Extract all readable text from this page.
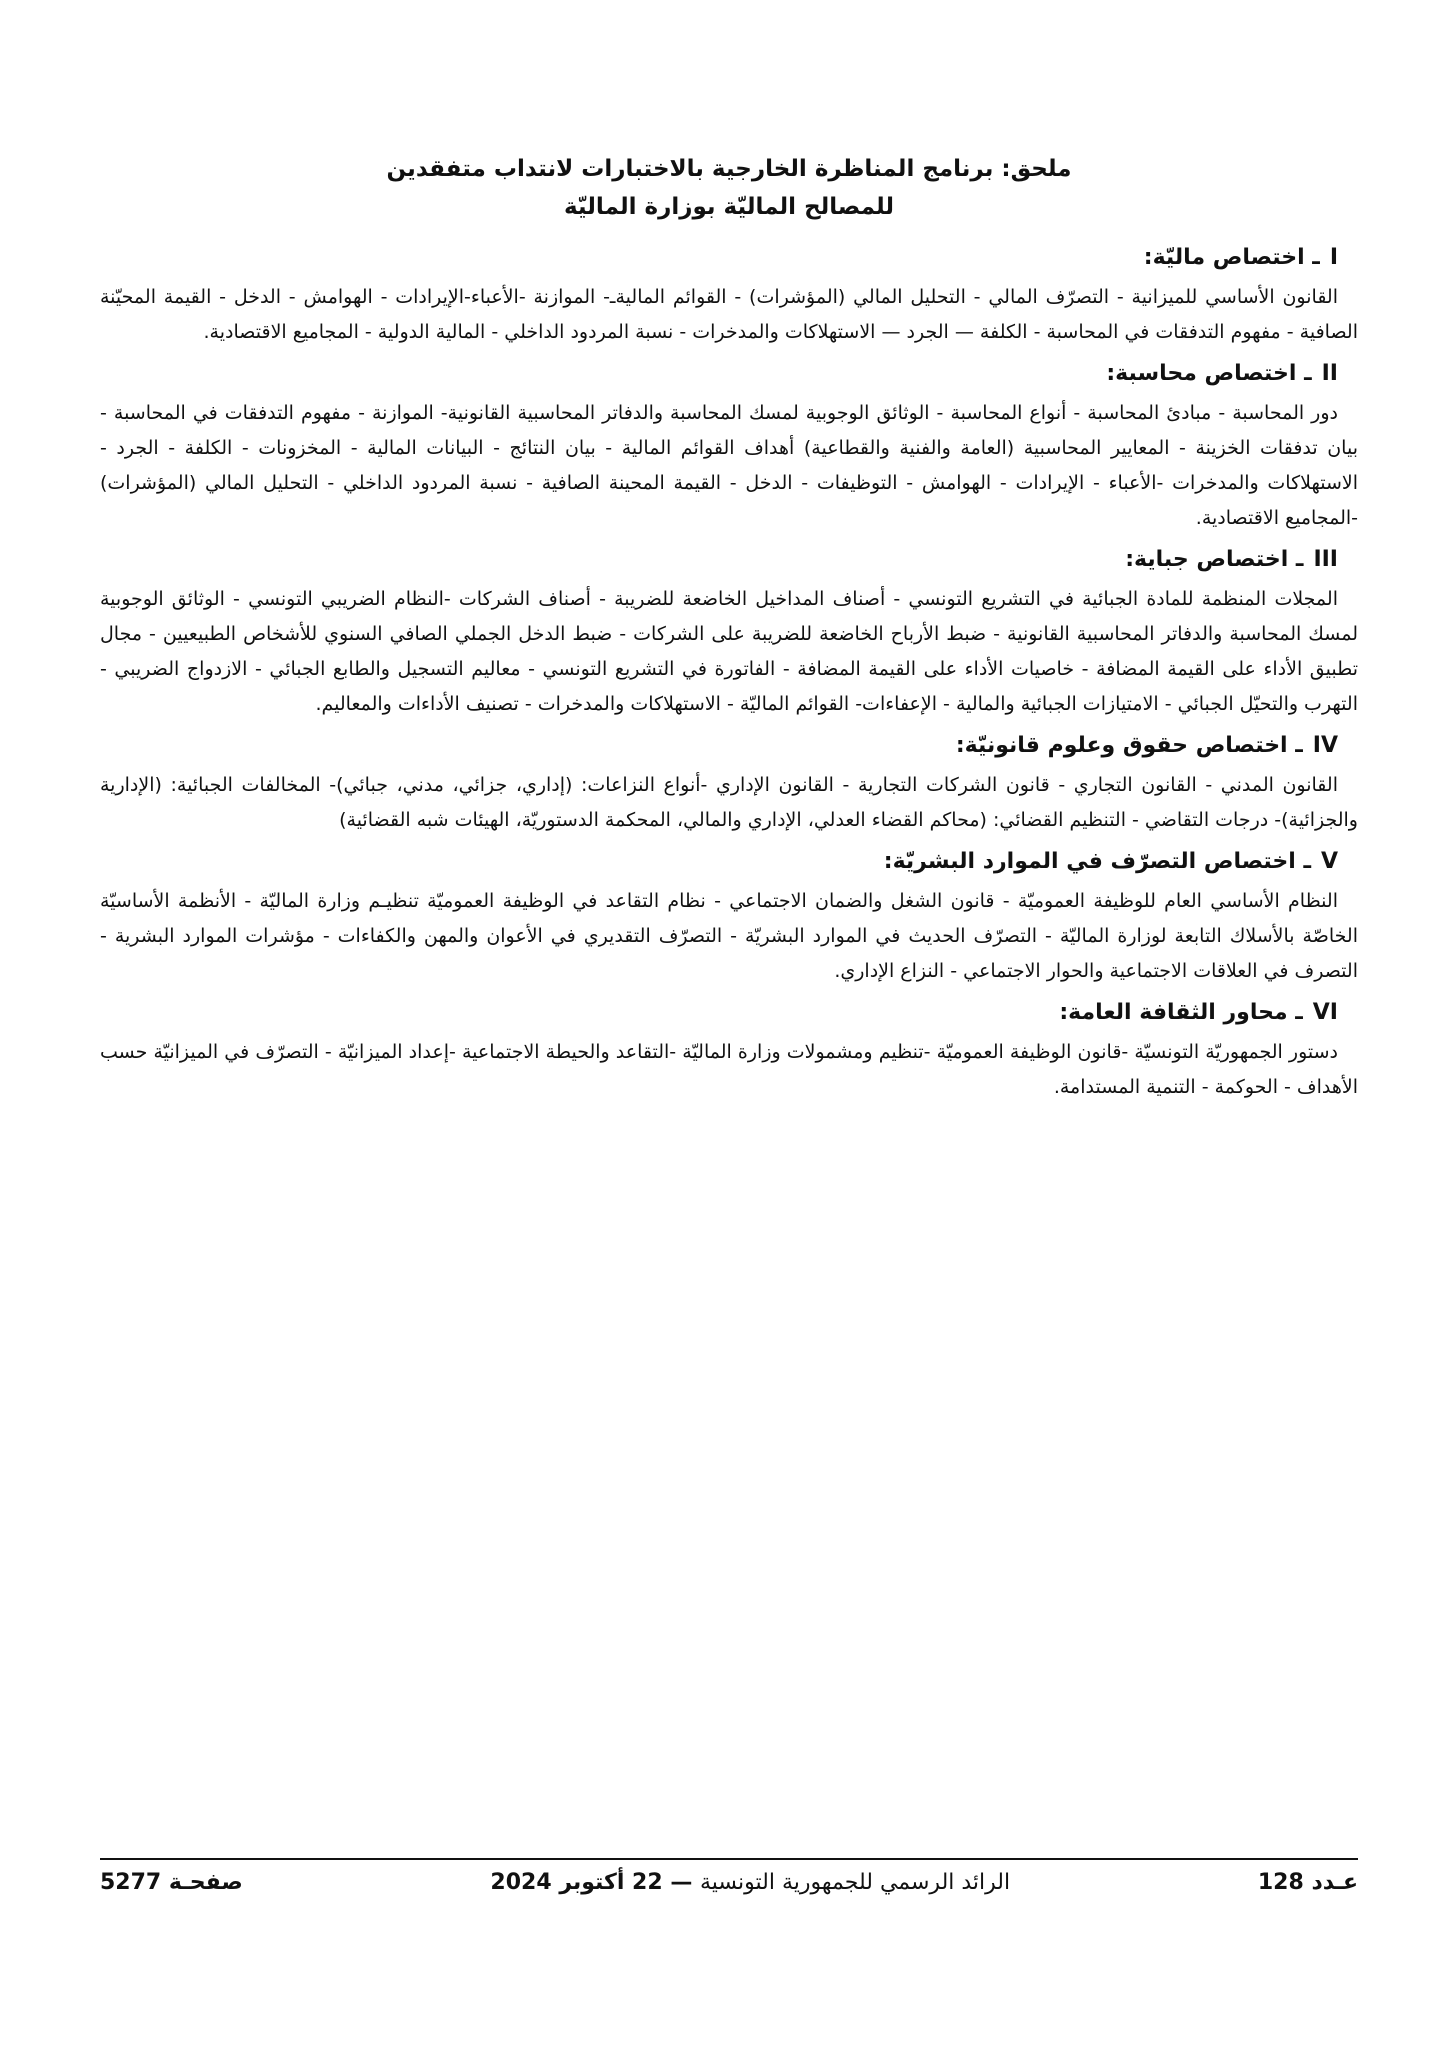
ملحق: برنامج المناظرة الخارجية بالاختبارات لانتداب متفقدين

للمصالح الماليّة بوزارة الماليّة

Iـ اختصاص ماليّة:

القانون الأساسي للميزانية - التصرّف المالي - التحليل المالي (المؤشرات) - القوائم الماليةـ- الموازنة -الأعباء-الإيرادات - الهوامش - الدخل - القيمة المحيّنة الصافية - مفهوم التدفقات في المحاسبة - الكلفة — الجرد — الاستهلاكات والمدخرات - نسبة المردود الداخلي - المالية الدولية - المجاميع الاقتصادية.

IIـ اختصاص محاسبة:

دور المحاسبة - مبادئ المحاسبة - أنواع المحاسبة - الوثائق الوجوبية لمسك المحاسبة والدفاتر المحاسبية القانونية- الموازنة - مفهوم التدفقات في المحاسبة - بيان تدفقات الخزينة - المعايير المحاسبية (العامة والفنية والقطاعية) أهداف القوائم المالية - بيان النتائج - البيانات المالية - المخزونات - الكلفة - الجرد - الاستهلاكات والمدخرات -الأعباء - الإيرادات - الهوامش - التوظيفات - الدخل - القيمة المحينة الصافية - نسبة المردود الداخلي - التحليل المالي (المؤشرات) -المجاميع الاقتصادية.

IIIـ اختصاص جباية:

المجلات المنظمة للمادة الجبائية في التشريع التونسي - أصناف المداخيل الخاضعة للضريبة - أصناف الشركات -النظام الضريبي التونسي - الوثائق الوجوبية لمسك المحاسبة والدفاتر المحاسبية القانونية - ضبط الأرباح الخاضعة للضريبة على الشركات - ضبط الدخل الجملي الصافي السنوي للأشخاص الطبيعيين - مجال تطبيق الأداء على القيمة المضافة - خاصيات الأداء على القيمة المضافة - الفاتورة في التشريع التونسي - معاليم التسجيل والطابع الجبائي - الازدواج الضريبي - التهرب والتحيّل الجبائي - الامتيازات الجبائية والمالية - الإعفاءات- القوائم الماليّة - الاستهلاكات والمدخرات - تصنيف الأداءات والمعاليم.

IVـ اختصاص حقوق وعلوم قانونيّة:

القانون المدني - القانون التجاري - قانون الشركات التجارية - القانون الإداري -أنواع النزاعات: (إداري، جزائي، مدني، جبائي)- المخالفات الجبائية: (الإدارية والجزائية)- درجات التقاضي - التنظيم القضائي: (محاكم القضاء العدلي، الإداري والمالي، المحكمة الدستوريّة، الهيئات شبه القضائية)

Vـ اختصاص التصرّف في الموارد البشريّة:

النظام الأساسي العام للوظيفة العموميّة - قانون الشغل والضمان الاجتماعي - نظام التقاعد في الوظيفة العموميّة تنظيـم وزارة الماليّة - الأنظمة الأساسيّة الخاصّة بالأسلاك التابعة لوزارة الماليّة - التصرّف الحديث في الموارد البشريّة - التصرّف التقديري في الأعوان والمهن والكفاءات - مؤشرات الموارد البشرية - التصرف في العلاقات الاجتماعية والحوار الاجتماعي - النزاع الإداري.

VIـ محاور الثقافة العامة:

دستور الجمهوريّة التونسيّة -قانون الوظيفة العموميّة -تنظيم ومشمولات وزارة الماليّة -التقاعد والحيطة الاجتماعية -إعداد الميزانيّة - التصرّف في الميزانيّة حسب الأهداف - الحوكمة - التنمية المستدامة.

عـدد 128
الرائد الرسمي للجمهورية التونسية — 22 أكتوبر 2024
صفحـة 5277
